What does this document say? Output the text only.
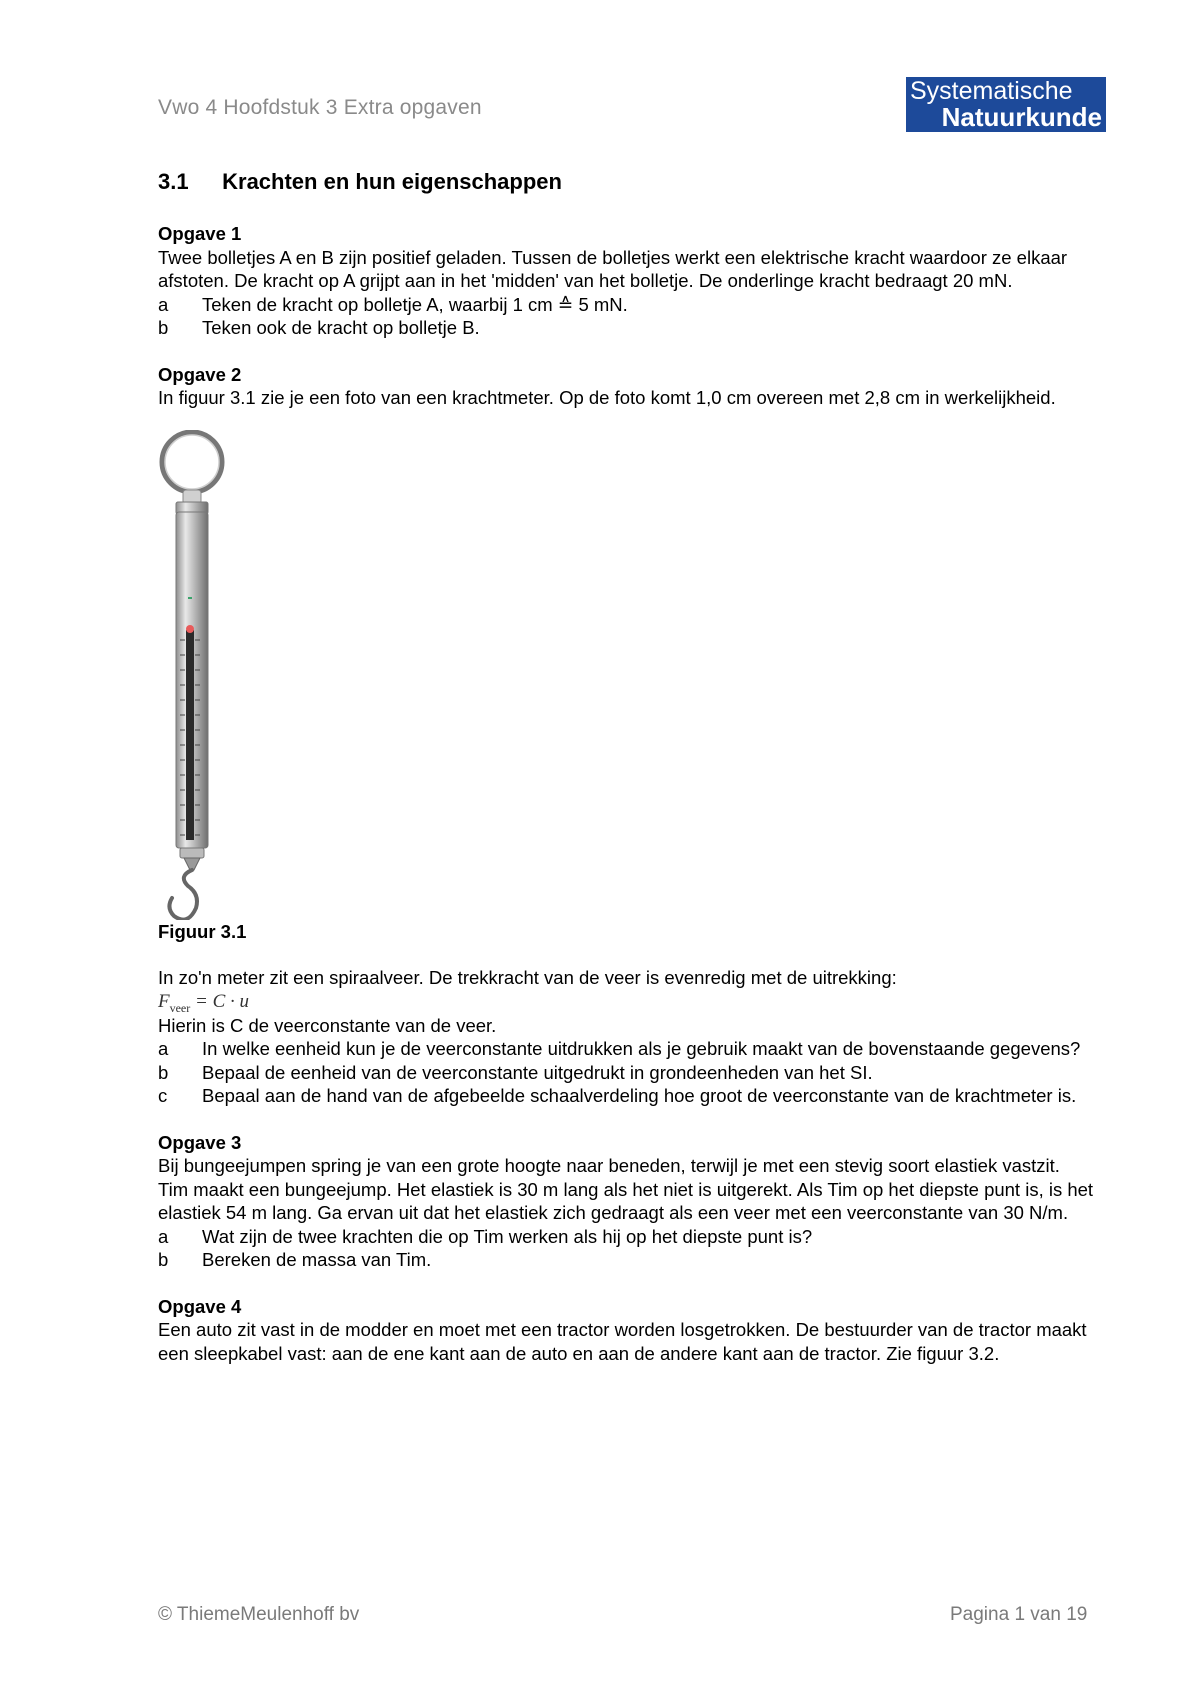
Vwo 4 Hoofdstuk 3 Extra opgaven
Systematische
Natuurkunde
3.1 Krachten en hun eigenschappen

Opgave 1

Twee bolletjes A en B zijn positief geladen. Tussen de bolletjes werkt een elektrische kracht waardoor ze elkaar afstoten. De kracht op A grijpt aan in het 'midden' van het bolletje. De onderlinge kracht bedraagt 20 mN.

a Teken de kracht op bolletje A, waarbij 1 cm ≙ 5 mN.
b Teken ook de kracht op bolletje B.

Opgave 2

In figuur 3.1 zie je een foto van een krachtmeter. Op de foto komt 1,0 cm overeen met 2,8 cm in werkelijkheid.

Figuur 3.1

In zo'n meter zit een spiraalveer. De trekkracht van de veer is evenredig met de uitrekking:

$F_{veer} = C \cdot u$

Hierin is C de veerconstante van de veer.

a In welke eenheid kun je de veerconstante uitdrukken als je gebruik maakt van de bovenstaande gegevens?
b Bepaal de eenheid van de veerconstante uitgedrukt in grondeenheden van het SI.
c Bepaal aan de hand van de afgebeelde schaalverdeling hoe groot de veerconstante van de krachtmeter is.

Opgave 3

Bij bungeejumpen spring je van een grote hoogte naar beneden, terwijl je met een stevig soort elastiek vastzit.

Tim maakt een bungeejump. Het elastiek is 30 m lang als het niet is uitgerekt. Als Tim op het diepste punt is, is het elastiek 54 m lang. Ga ervan uit dat het elastiek zich gedraagt als een veer met een veerconstante van 30 N/m.

a Wat zijn de twee krachten die op Tim werken als hij op het diepste punt is?
b Bereken de massa van Tim.

Opgave 4

Een auto zit vast in de modder en moet met een tractor worden losgetrokken. De bestuurder van de tractor maakt een sleepkabel vast: aan de ene kant aan de auto en aan de andere kant aan de tractor. Zie figuur 3.2.

© ThiemeMeulenhoff bv	Pagina 1 van 19
